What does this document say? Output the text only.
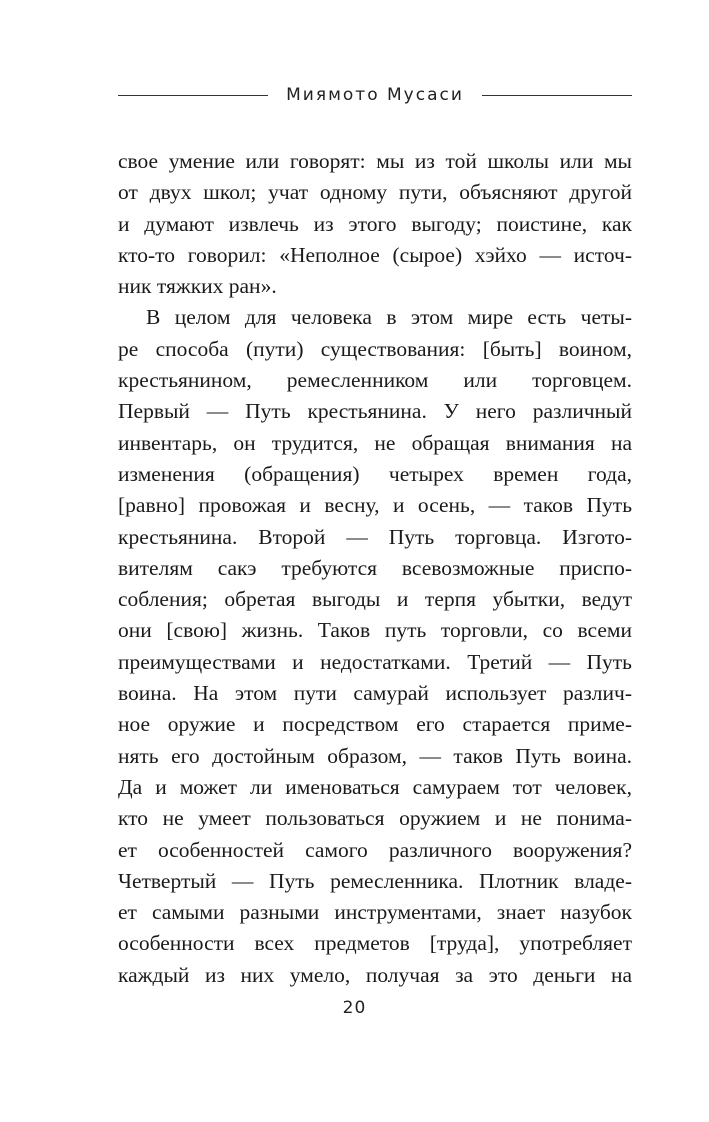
Миямото Мусаси
свое умение или говорят: мы из той школы или мы
от двух школ; учат одному пути, объясняют другой
и думают извлечь из этого выгоду; поистине, как
кто-то говорил: «Неполное (сырое) хэйхо — источ-
ник тяжких ран».
В целом для человека в этом мире есть четы-
ре способа (пути) существования: [быть] воином,
крестьянином, ремесленником или торговцем.
Первый — Путь крестьянина. У него различный
инвентарь, он трудится, не обращая внимания на
изменения (обращения) четырех времен года,
[равно] провожая и весну, и осень, — таков Путь
крестьянина. Второй — Путь торговца. Изгото-
вителям сакэ требуются всевозможные приспо-
собления; обретая выгоды и терпя убытки, ведут
они [свою] жизнь. Таков путь торговли, со всеми
преимуществами и недостатками. Третий — Путь
воина. На этом пути самурай использует различ-
ное оружие и посредством его старается приме-
нять его достойным образом, — таков Путь воина.
Да и может ли именоваться самураем тот человек,
кто не умеет пользоваться оружием и не понима-
ет особенностей самого различного вооружения?
Четвертый — Путь ремесленника. Плотник владе-
ет самыми разными инструментами, знает назубок
особенности всех предметов [труда], употребляет
каждый из них умело, получая за это деньги на
20
